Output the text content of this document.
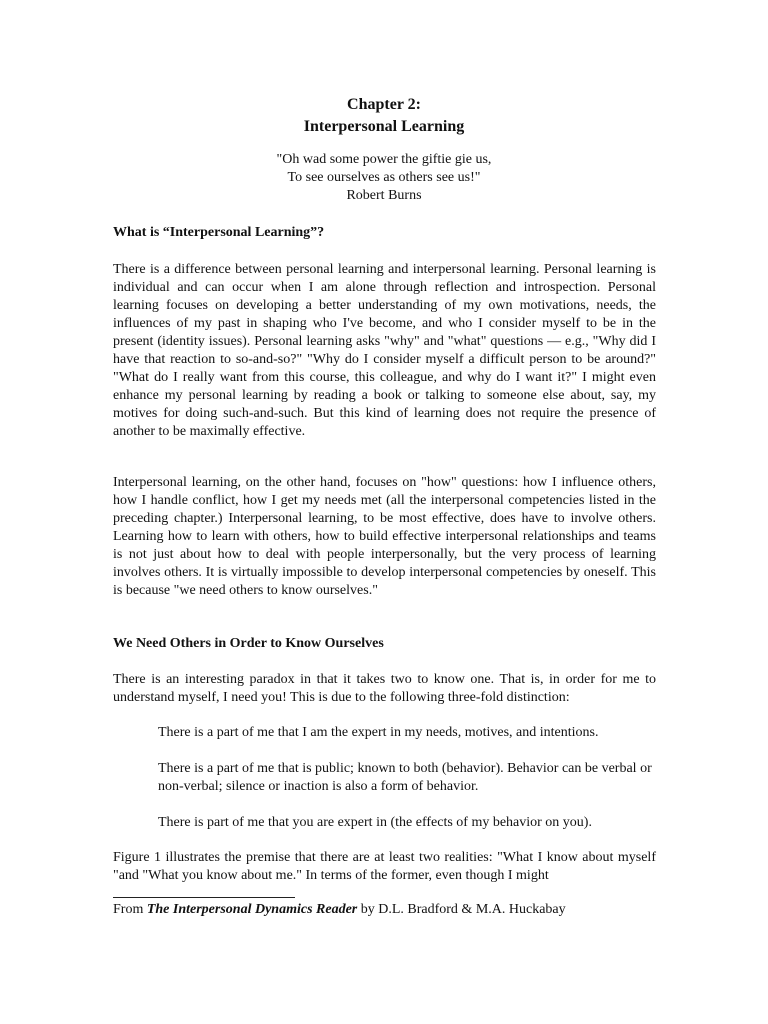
Chapter 2:
Interpersonal Learning
"Oh wad some power the giftie gie us,
To see ourselves as others see us!"
Robert Burns
What is “Interpersonal Learning”?
There is a difference between personal learning and interpersonal learning. Personal learning is individual and can occur when I am alone through reflection and introspection. Personal learning focuses on developing a better understanding of my own motivations, needs, the influences of my past in shaping who I've become, and who I consider myself to be in the present (identity issues). Personal learning asks "why" and "what" questions — e.g., "Why did I have that reaction to so-and-so?" "Why do I consider myself a difficult person to be around?" "What do I really want from this course, this colleague, and why do I want it?" I might even enhance my personal learning by reading a book or talking to someone else about, say, my motives for doing such-and-such. But this kind of learning does not require the presence of another to be maximally effective.
Interpersonal learning, on the other hand, focuses on "how" questions: how I influence others, how I handle conflict, how I get my needs met (all the interpersonal competencies listed in the preceding chapter.) Interpersonal learning, to be most effective, does have to involve others. Learning how to learn with others, how to build effective interpersonal relationships and teams is not just about how to deal with people interpersonally, but the very process of learning involves others. It is virtually impossible to develop interpersonal competencies by oneself. This is because "we need others to know ourselves."
We Need Others in Order to Know Ourselves
There is an interesting paradox in that it takes two to know one. That is, in order for me to understand myself, I need you! This is due to the following three-fold distinction:
There is a part of me that I am the expert in my needs, motives, and intentions.
There is a part of me that is public; known to both (behavior). Behavior can be verbal or non-verbal; silence or inaction is also a form of behavior.
There is part of me that you are expert in (the effects of my behavior on you).
Figure 1 illustrates the premise that there are at least two realities: "What I know about myself "and "What you know about me." In terms of the former, even though I might
From The Interpersonal Dynamics Reader by D.L. Bradford & M.A. Huckabay
